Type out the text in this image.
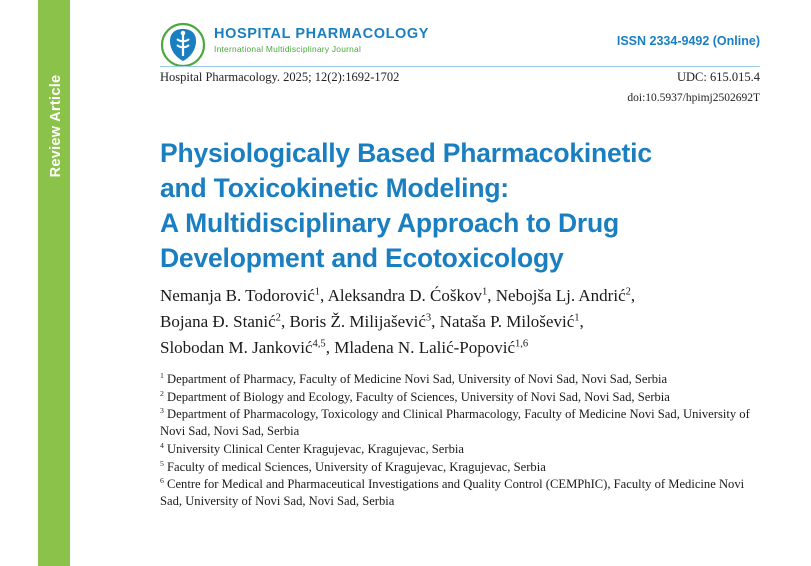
Review Article
HOSPITAL PHARMACOLOGY
International Multidisciplinary Journal
ISSN 2334-9492 (Online)
Hospital Pharmacology. 2025; 12(2):1692-1702	UDC: 615.015.4
doi:10.5937/hpimj2502692T
Physiologically Based Pharmacokinetic
and Toxicokinetic Modeling:
A Multidisciplinary Approach to Drug
Development and Ecotoxicology
Nemanja B. Todorović$^1$, Aleksandra D. Ćoškov$^1$, Nebojša Lj. Andrić$^2$,
Bojana Đ. Stanić$^2$, Boris Ž. Milijašević$^3$, Nataša P. Milošević$^1$,
Slobodan M. Janković$^{4,5}$, Mladena N. Lalić-Popović$^{1,6}$
$^1$ Department of Pharmacy, Faculty of Medicine Novi Sad, University of Novi Sad, Novi Sad, Serbia
$^2$ Department of Biology and Ecology, Faculty of Sciences, University of Novi Sad, Novi Sad, Serbia
$^3$ Department of Pharmacology, Toxicology and Clinical Pharmacology, Faculty of Medicine Novi Sad, University of Novi Sad, Novi Sad, Serbia
$^4$ University Clinical Center Kragujevac, Kragujevac, Serbia
$^5$ Faculty of medical Sciences, University of Kragujevac, Kragujevac, Serbia
$^6$ Centre for Medical and Pharmaceutical Investigations and Quality Control (CEMPhIC), Faculty of Medicine Novi Sad, University of Novi Sad, Novi Sad, Serbia
